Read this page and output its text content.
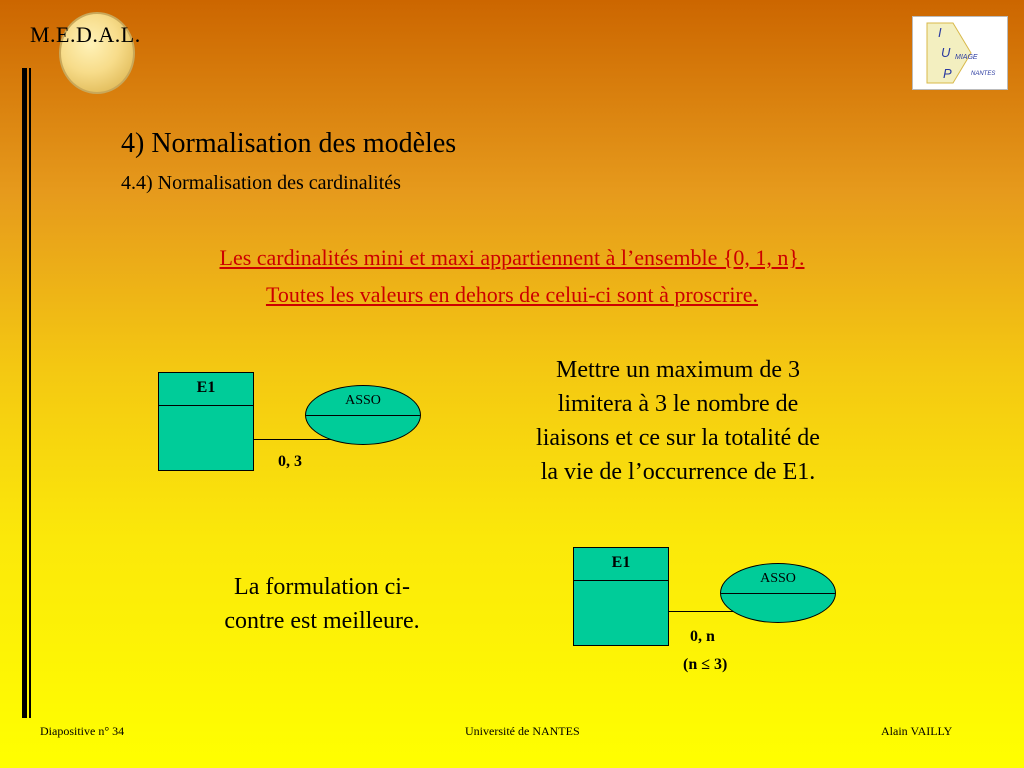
M.E.D.A.L.	I
U
P
MIAGE
NANTES
4) Normalisation des modèles
4.4) Normalisation des cardinalités
Les cardinalités mini et maxi appartiennent à l’ensemble {0, 1, n}.
Toutes les valeurs en dehors de celui-ci sont à proscrire.
E1
ASSO
0, 3
Mettre un maximum de 3
limitera à 3 le nombre de
liaisons et ce sur la totalité de
la vie de l’occurrence de E1.
La formulation ci-
contre est meilleure.
E1
ASSO
0, n
(n ≤ 3)
Diapositive n° 34	Université de NANTES	Alain VAILLY
